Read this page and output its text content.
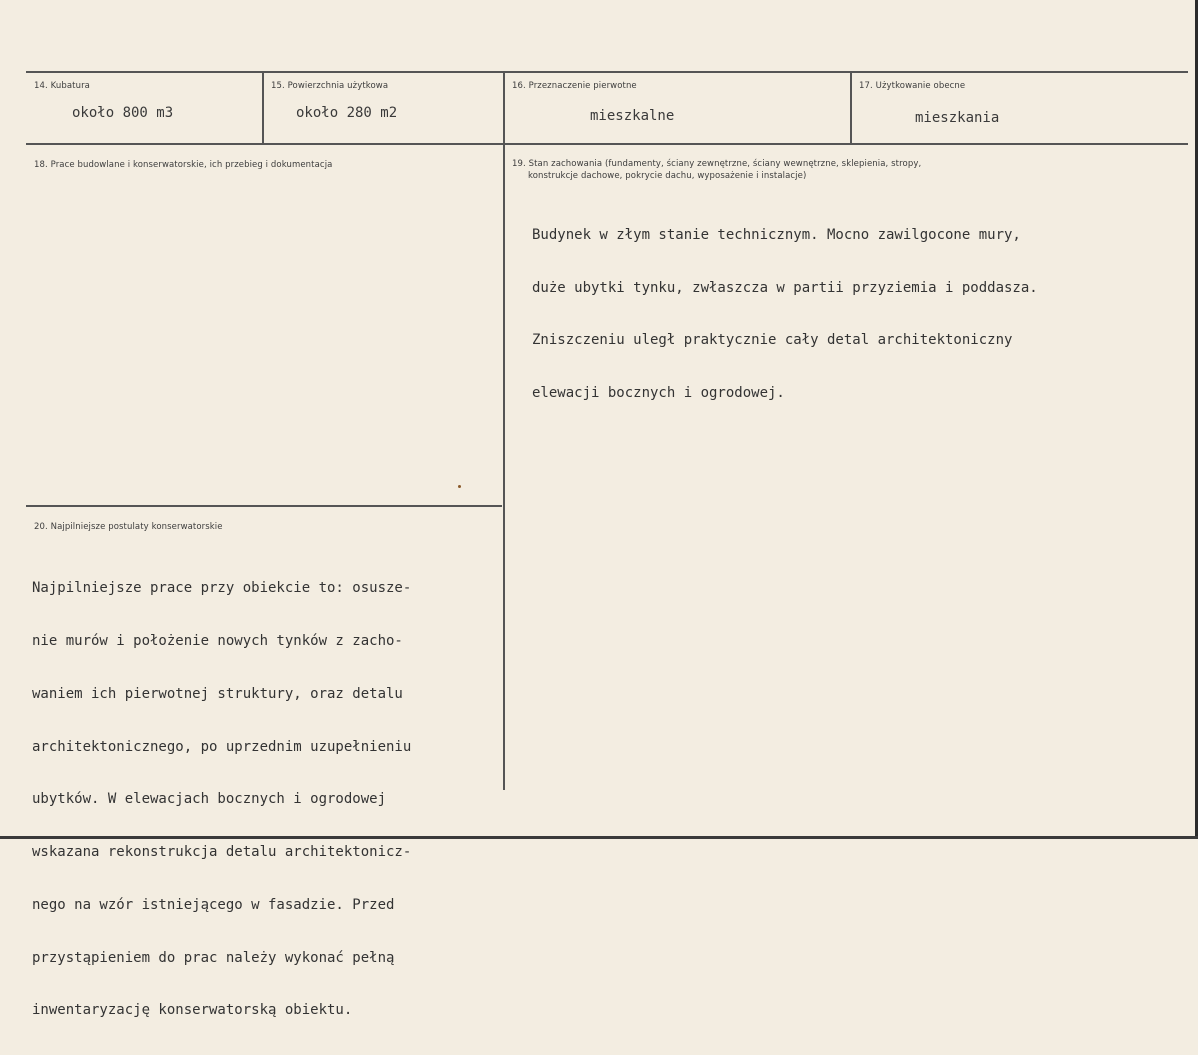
14. Kubatura
około 800 m3
15. Powierzchnia użytkowa
około 280 m2
16. Przeznaczenie pierwotne
mieszkalne
17. Użytkowanie obecne
mieszkania
18. Prace budowlane i konserwatorskie, ich przebieg i dokumentacja	19. Stan zachowania (fundamenty, ściany zewnętrzne, ściany wewnętrzne, sklepienia, stropy,
konstrukcje dachowe, pokrycie dachu, wyposażenie i instalacje)

Budynek w złym stanie technicznym. Mocno zawilgocone mury,

duże ubytki tynku, zwłaszcza w partii przyziemia i poddasza.

Zniszczeniu uległ praktycznie cały detal architektoniczny

elewacji bocznych i ogrodowej.

20. Najpilniejsze postulaty konserwatorskie

Najpilniejsze prace przy obiekcie to: osusze-

nie murów i położenie nowych tynków z zacho-

waniem ich pierwotnej struktury, oraz detalu

architektonicznego, po uprzednim uzupełnieniu

ubytków. W elewacjach bocznych i ogrodowej

wskazana rekonstrukcja detalu architektonicz-

nego na wzór istniejącego w fasadzie. Przed

przystąpieniem do prac należy wykonać pełną

inwentaryzację konserwatorską obiektu.
